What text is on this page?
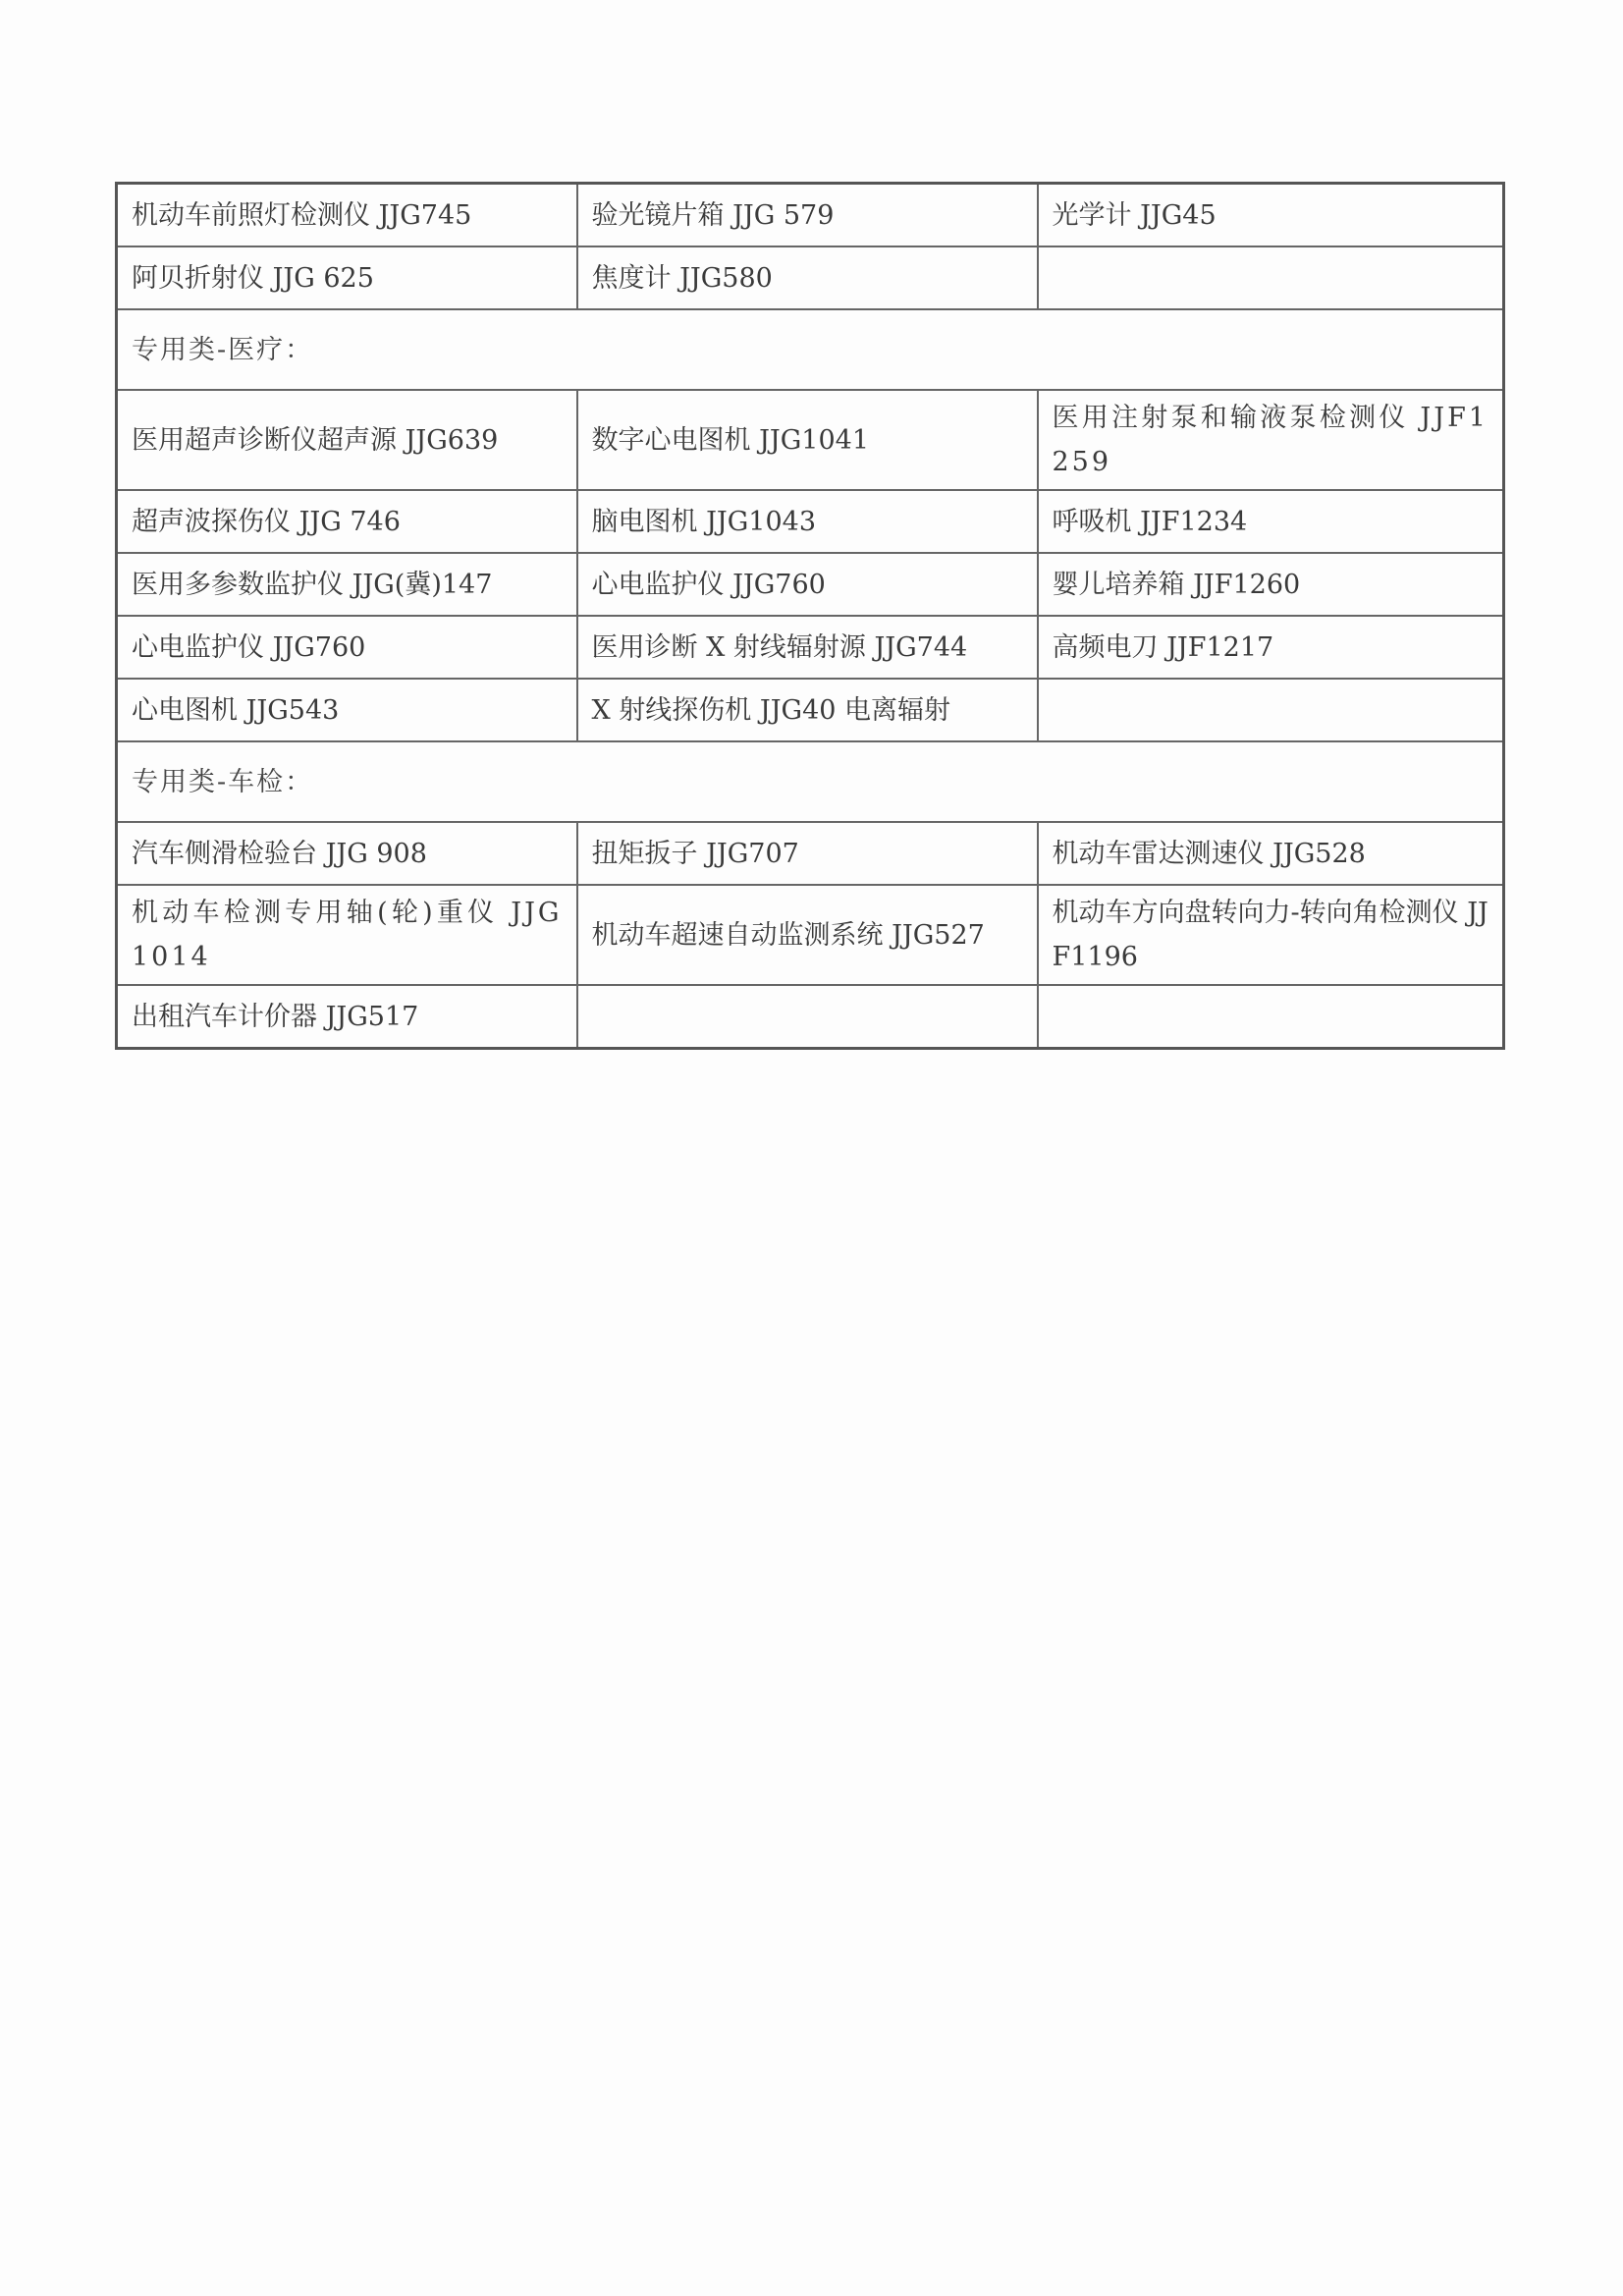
机动车前照灯检测仪 JJG745	验光镜片箱 JJG 579	光学计 JJG45
阿贝折射仪 JJG 625	焦度计 JJG580	
专用类-医疗：		
医用超声诊断仪超声源 JJG639	数字心电图机 JJG1041	医用注射泵和输液泵检测仪 JJF1259
超声波探伤仪 JJG 746	脑电图机 JJG1043	呼吸机 JJF1234
医用多参数监护仪 JJG(冀)147	心电监护仪 JJG760	婴儿培养箱 JJF1260
心电监护仪 JJG760	医用诊断 X 射线辐射源 JJG744	高频电刀 JJF1217
心电图机 JJG543	X 射线探伤机 JJG40 电离辐射	
专用类-车检：		
汽车侧滑检验台 JJG 908	扭矩扳子 JJG707	机动车雷达测速仪 JJG528
机动车检测专用轴(轮)重仪 JJG 1014	机动车超速自动监测系统 JJG527	机动车方向盘转向力-转向角检测仪 JJF1196
出租汽车计价器 JJG517		
